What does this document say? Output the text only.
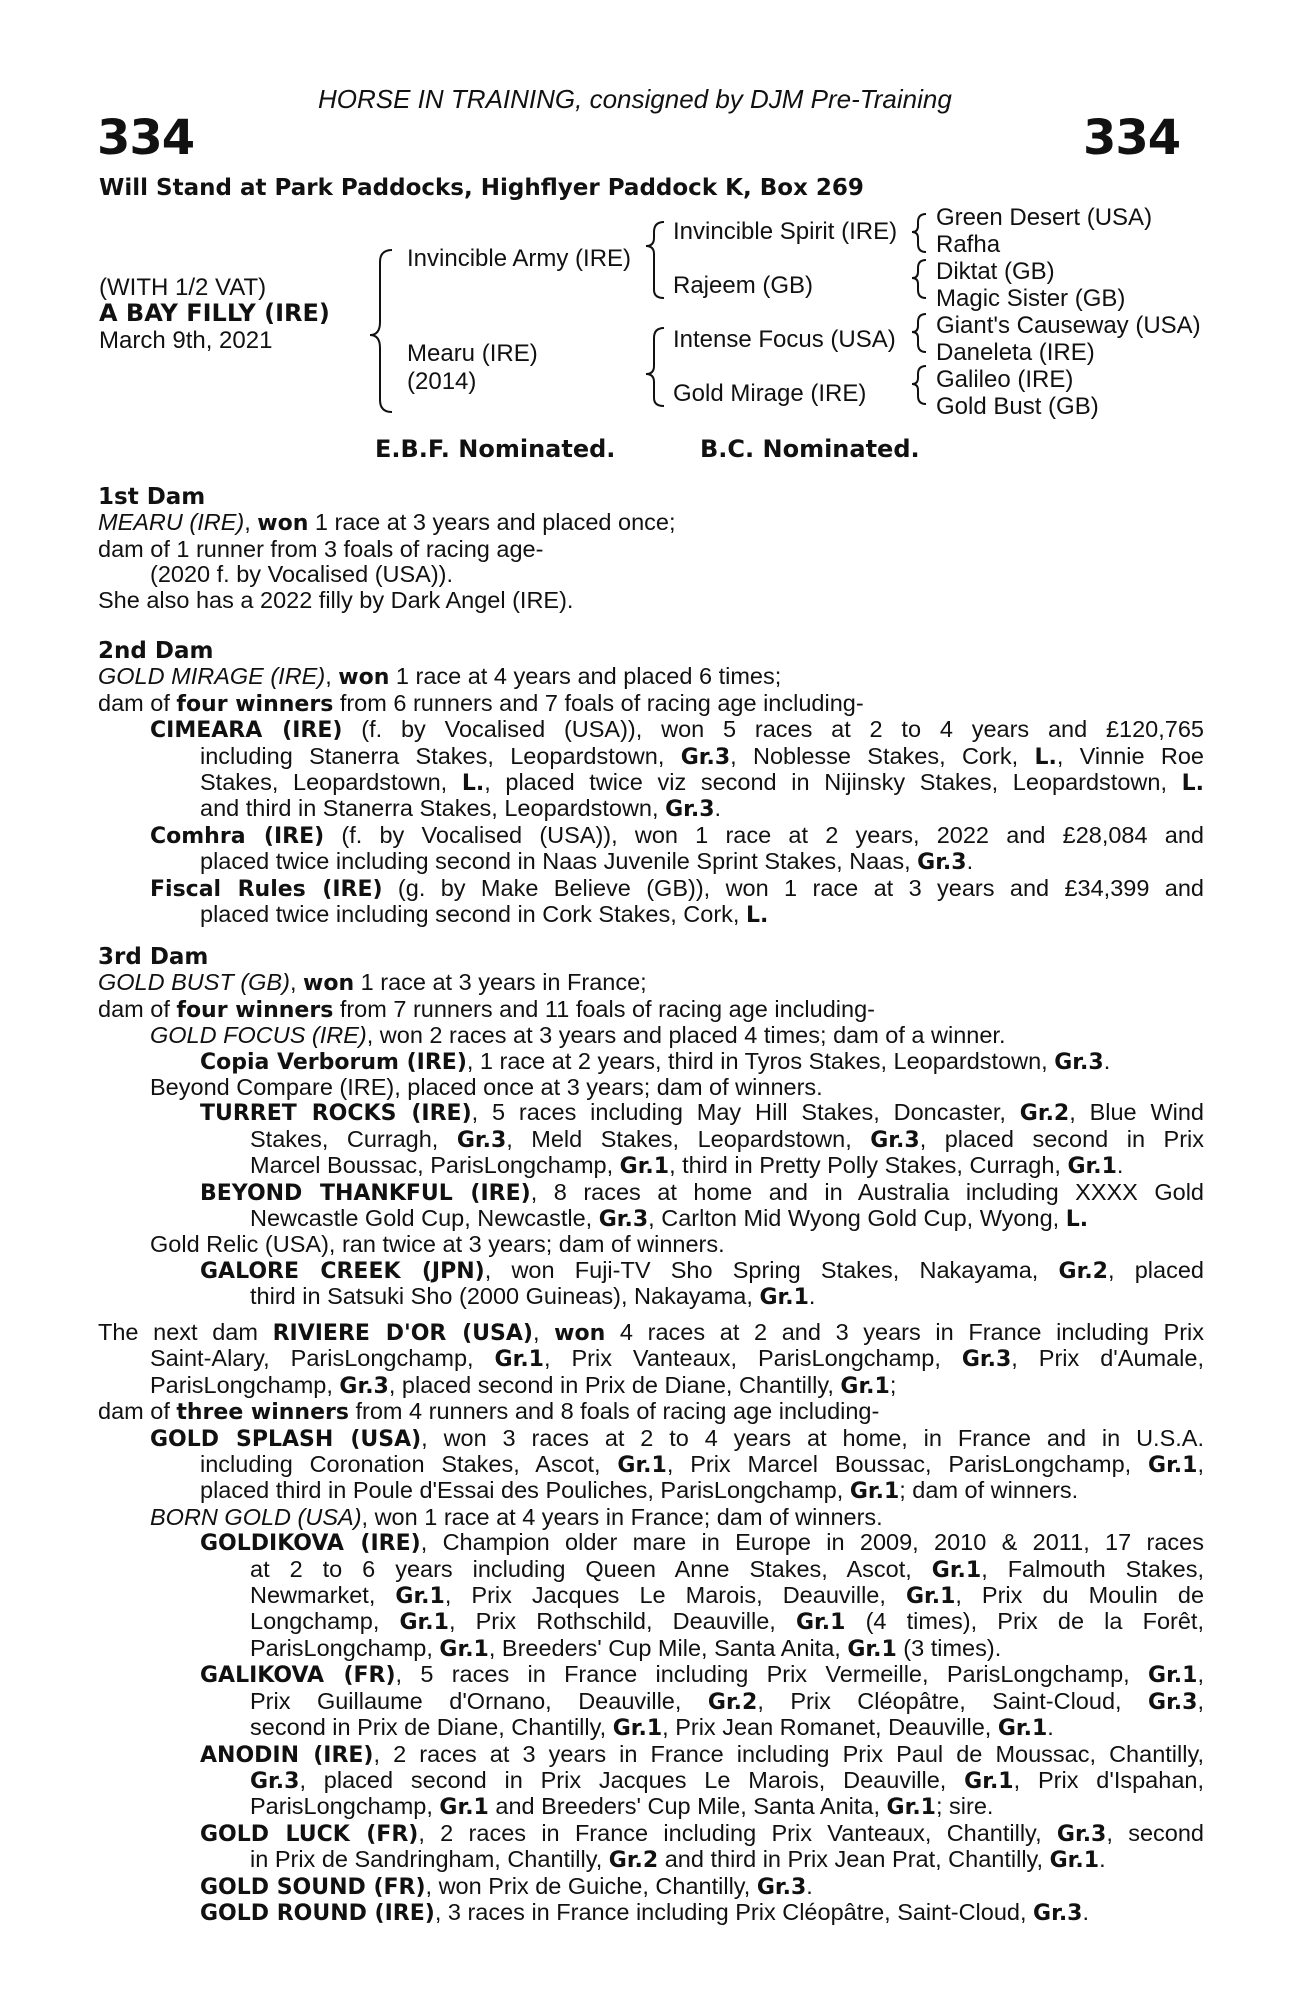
HORSE IN TRAINING, consigned by DJM Pre-Training
334	334
Will Stand at Park Paddocks, Highflyer Paddock K, Box 269
(WITH 1/2 VAT)
A BAY FILLY (IRE)
March 9th, 2021
Invincible Army (IRE)
Mearu (IRE)
(2014)
Invincible Spirit (IRE)
Rajeem (GB)
Intense Focus (USA)
Gold Mirage (IRE)
Green Desert (USA)
Rafha
Diktat (GB)
Magic Sister (GB)
Giant's Causeway (USA)
Daneleta (IRE)
Galileo (IRE)
Gold Bust (GB)
E.B.F. Nominated.	B.C. Nominated.

1st Dam

MEARU (IRE), won 1 race at 3 years and placed once;

dam of 1 runner from 3 foals of racing age-

(2020 f. by Vocalised (USA)).

She also has a 2022 filly by Dark Angel (IRE).

2nd Dam

GOLD MIRAGE (IRE), won 1 race at 4 years and placed 6 times;

dam of four winners from 6 runners and 7 foals of racing age including-

CIMEARA (IRE) (f. by Vocalised (USA)), won 5 races at 2 to 4 years and £120,765

including Stanerra Stakes, Leopardstown, Gr.3, Noblesse Stakes, Cork, L., Vinnie Roe

Stakes, Leopardstown, L., placed twice viz second in Nijinsky Stakes, Leopardstown, L.

and third in Stanerra Stakes, Leopardstown, Gr.3.

Comhra (IRE) (f. by Vocalised (USA)), won 1 race at 2 years, 2022 and £28,084 and

placed twice including second in Naas Juvenile Sprint Stakes, Naas, Gr.3.

Fiscal Rules (IRE) (g. by Make Believe (GB)), won 1 race at 3 years and £34,399 and

placed twice including second in Cork Stakes, Cork, L.

3rd Dam

GOLD BUST (GB), won 1 race at 3 years in France;

dam of four winners from 7 runners and 11 foals of racing age including-

GOLD FOCUS (IRE), won 2 races at 3 years and placed 4 times; dam of a winner.

Copia Verborum (IRE), 1 race at 2 years, third in Tyros Stakes, Leopardstown, Gr.3.

Beyond Compare (IRE), placed once at 3 years; dam of winners.

TURRET ROCKS (IRE), 5 races including May Hill Stakes, Doncaster, Gr.2, Blue Wind

Stakes, Curragh, Gr.3, Meld Stakes, Leopardstown, Gr.3, placed second in Prix

Marcel Boussac, ParisLongchamp, Gr.1, third in Pretty Polly Stakes, Curragh, Gr.1.

BEYOND THANKFUL (IRE), 8 races at home and in Australia including XXXX Gold

Newcastle Gold Cup, Newcastle, Gr.3, Carlton Mid Wyong Gold Cup, Wyong, L.

Gold Relic (USA), ran twice at 3 years; dam of winners.

GALORE CREEK (JPN), won Fuji-TV Sho Spring Stakes, Nakayama, Gr.2, placed

third in Satsuki Sho (2000 Guineas), Nakayama, Gr.1.

The next dam RIVIERE D'OR (USA), won 4 races at 2 and 3 years in France including Prix

Saint-Alary, ParisLongchamp, Gr.1, Prix Vanteaux, ParisLongchamp, Gr.3, Prix d'Aumale,

ParisLongchamp, Gr.3, placed second in Prix de Diane, Chantilly, Gr.1;

dam of three winners from 4 runners and 8 foals of racing age including-

GOLD SPLASH (USA), won 3 races at 2 to 4 years at home, in France and in U.S.A.

including Coronation Stakes, Ascot, Gr.1, Prix Marcel Boussac, ParisLongchamp, Gr.1,

placed third in Poule d'Essai des Pouliches, ParisLongchamp, Gr.1; dam of winners.

BORN GOLD (USA), won 1 race at 4 years in France; dam of winners.

GOLDIKOVA (IRE), Champion older mare in Europe in 2009, 2010 & 2011, 17 races

at 2 to 6 years including Queen Anne Stakes, Ascot, Gr.1, Falmouth Stakes,

Newmarket, Gr.1, Prix Jacques Le Marois, Deauville, Gr.1, Prix du Moulin de

Longchamp, Gr.1, Prix Rothschild, Deauville, Gr.1 (4 times), Prix de la Forêt,

ParisLongchamp, Gr.1, Breeders' Cup Mile, Santa Anita, Gr.1 (3 times).

GALIKOVA (FR), 5 races in France including Prix Vermeille, ParisLongchamp, Gr.1,

Prix Guillaume d'Ornano, Deauville, Gr.2, Prix Cléopâtre, Saint-Cloud, Gr.3,

second in Prix de Diane, Chantilly, Gr.1, Prix Jean Romanet, Deauville, Gr.1.

ANODIN (IRE), 2 races at 3 years in France including Prix Paul de Moussac, Chantilly,

Gr.3, placed second in Prix Jacques Le Marois, Deauville, Gr.1, Prix d'Ispahan,

ParisLongchamp, Gr.1 and Breeders' Cup Mile, Santa Anita, Gr.1; sire.

GOLD LUCK (FR), 2 races in France including Prix Vanteaux, Chantilly, Gr.3, second

in Prix de Sandringham, Chantilly, Gr.2 and third in Prix Jean Prat, Chantilly, Gr.1.

GOLD SOUND (FR), won Prix de Guiche, Chantilly, Gr.3.

GOLD ROUND (IRE), 3 races in France including Prix Cléopâtre, Saint-Cloud, Gr.3.
